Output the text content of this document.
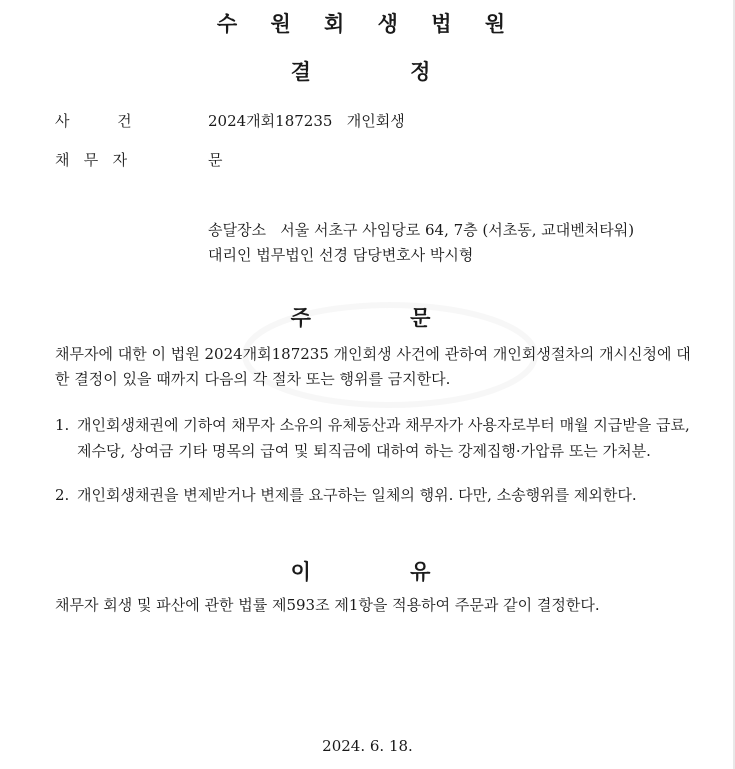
수 원 회 생 법 원
결    정

사          건

	2024개회187235   개인회생

채   무   자

	문

송달장소   서울 서초구 사임당로 64, 7층 (서초동, 교대벤처타워)
대리인 법무법인 선경 담당변호사 박시형
주    문
채무자에 대한 이 법원 2024개회187235 개인회생 사건에 관하여 개인회생절차의 개시신청에 대한 결정이 있을 때까지 다음의 각 절차 또는 행위를 금지한다.
1. 개인회생채권에 기하여 채무자 소유의 유체동산과 채무자가 사용자로부터 매월 지급받을 급료, 제수당, 상여금 기타 명목의 급여 및 퇴직금에 대하여 하는 강제집행·가압류 또는 가처분.
2. 개인회생채권을 변제받거나 변제를 요구하는 일체의 행위. 다만, 소송행위를 제외한다.
이    유
채무자 회생 및 파산에 관한 법률 제593조 제1항을 적용하여 주문과 같이 결정한다.
2024. 6. 18.
